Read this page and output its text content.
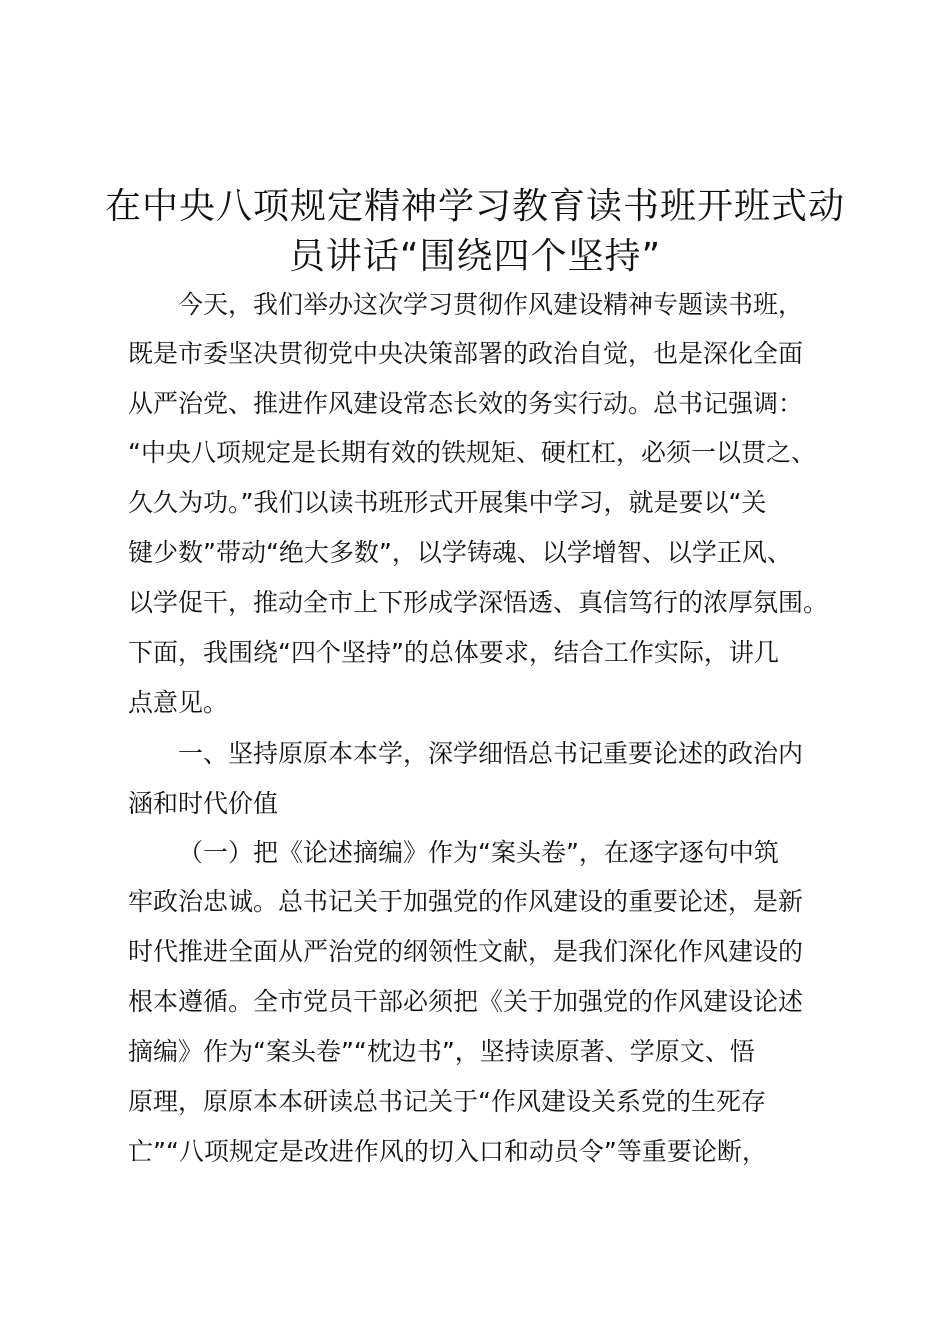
在中央八项规定精神学习教育读书班开班式动
员讲话“围绕四个坚持”

今天，我们举办这次学习贯彻作风建设精神专题读书班，

既是市委坚决贯彻党中央决策部署的政治自觉，也是深化全面

从严治党、推进作风建设常态长效的务实行动。总书记强调：

“中央八项规定是长期有效的铁规矩、硬杠杠，必须一以贯之、

久久为功。”我们以读书班形式开展集中学习，就是要以“关

键少数”带动“绝大多数”，以学铸魂、以学增智、以学正风、

以学促干，推动全市上下形成学深悟透、真信笃行的浓厚氛围。

下面，我围绕“四个坚持”的总体要求，结合工作实际，讲几

点意见。

一、坚持原原本本学，深学细悟总书记重要论述的政治内

涵和时代价值

（一）把《论述摘编》作为“案头卷”，在逐字逐句中筑

牢政治忠诚。总书记关于加强党的作风建设的重要论述，是新

时代推进全面从严治党的纲领性文献，是我们深化作风建设的

根本遵循。全市党员干部必须把《关于加强党的作风建设论述

摘编》作为“案头卷”“枕边书”，坚持读原著、学原文、悟

原理，原原本本研读总书记关于“作风建设关系党的生死存

亡”“八项规定是改进作风的切入口和动员令”等重要论断，
